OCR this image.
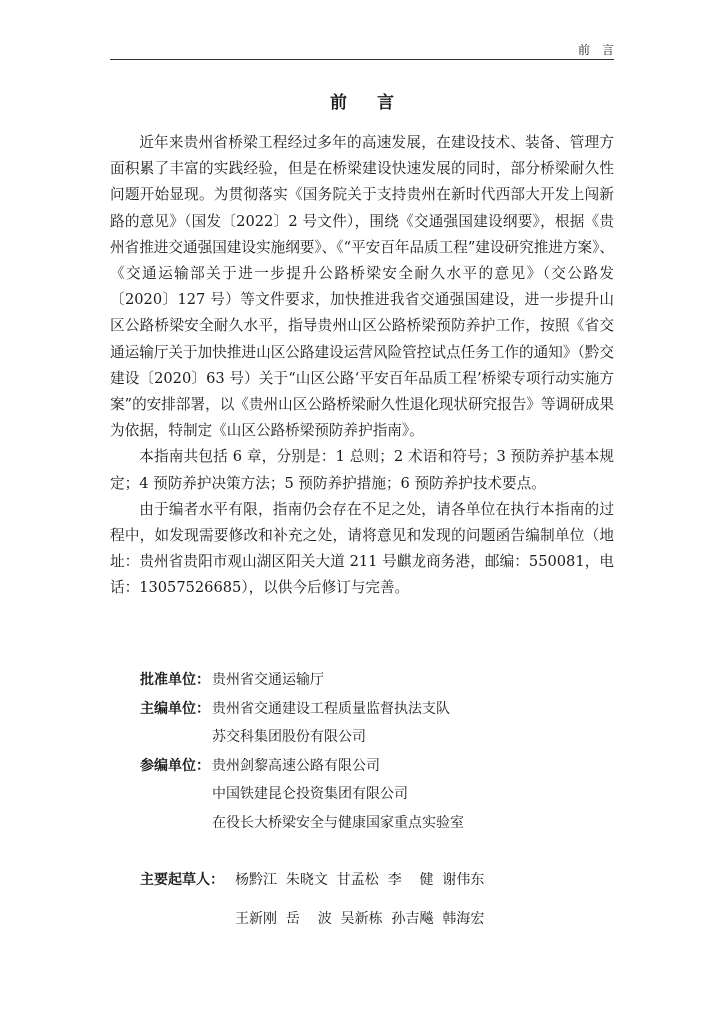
前言
前言

近年来贵州省桥梁工程经过多年的高速发展，在建设技术、装备、管理方面积累了丰富的实践经验，但是在桥梁建设快速发展的同时，部分桥梁耐久性问题开始显现。为贯彻落实《国务院关于支持贵州在新时代西部大开发上闯新路的意见》（国发〔2022〕2 号文件），围绕《交通强国建设纲要》，根据《贵州省推进交通强国建设实施纲要》、《“平安百年品质工程”建设研究推进方案》、《交通运输部关于进一步提升公路桥梁安全耐久水平的意见》（交公路发〔2020〕127 号）等文件要求，加快推进我省交通强国建设，进一步提升山区公路桥梁安全耐久水平，指导贵州山区公路桥梁预防养护工作，按照《省交通运输厅关于加快推进山区公路建设运营风险管控试点任务工作的通知》（黔交建设〔2020〕63 号）关于“山区公路‘平安百年品质工程’桥梁专项行动实施方案”的安排部署，以《贵州山区公路桥梁耐久性退化现状研究报告》等调研成果为依据，特制定《山区公路桥梁预防养护指南》。

本指南共包括 6 章，分别是：1 总则；2 术语和符号；3 预防养护基本规定；4 预防养护决策方法；5 预防养护措施；6 预防养护技术要点。

由于编者水平有限，指南仍会存在不足之处，请各单位在执行本指南的过程中，如发现需要修改和补充之处，请将意见和发现的问题函告编制单位（地址：贵州省贵阳市观山湖区阳关大道 211 号麒龙商务港，邮编：550081，电话：13057526685），以供今后修订与完善。

批准单位： 贵州省交通运输厅
主编单位： 贵州省交通建设工程质量监督执法支队
苏交科集团股份有限公司
参编单位： 贵州剑黎高速公路有限公司
中国铁建昆仑投资集团有限公司
在役长大桥梁安全与健康国家重点实验室
主要起草人： 杨黔江  朱晓文  甘孟松  李    健  谢伟东
王新刚  岳    波  吴新栋  孙吉飚  韩海宏
